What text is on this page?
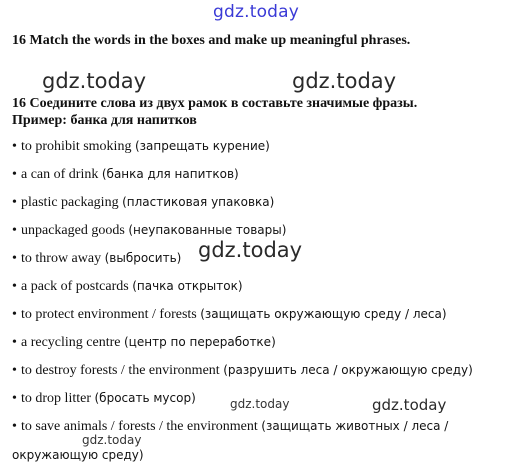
gdz.today
16 Match the words in the boxes and make up meaningful phrases.
gdz.today	gdz.today
16 Соедините слова из двух рамок в составьте значимые фразы.
Пример: банка для напитков
• to prohibit smoking (запрещать курение)
• a can of drink (банка для напитков)
• plastic packaging (пластиковая упаковка)
• unpackaged goods (неупакованные товары)
gdz.today
• to throw away (выбросить)
• a pack of postcards (пачка открыток)
• to protect environment / forests (защищать окружающую среду / леса)
• a recycling centre (центр по переработке)
• to destroy forests / the environment (разрушить леса / окружающую среду)
• to drop litter (бросать мусор)	gdz.today	gdz.today
• to save animals / forests / the environment (защищать животных / леса /
gdz.today
окружающую среду)
